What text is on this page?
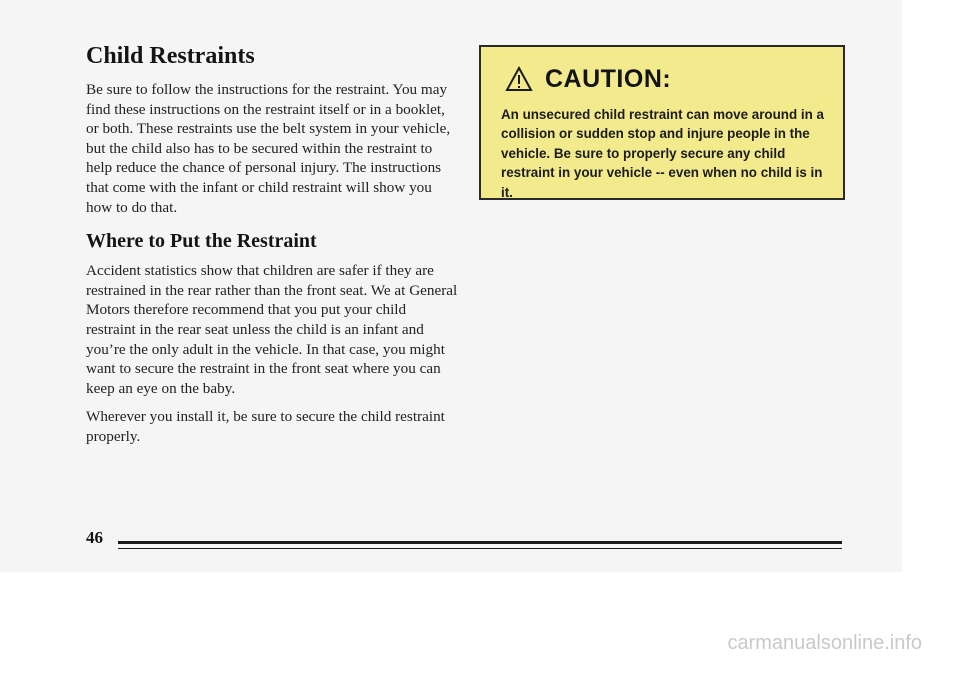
Child Restraints

Be sure to follow the instructions for the restraint. You may find these instructions on the restraint itself or in a booklet, or both. These restraints use the belt system in your vehicle, but the child also has to be secured within the restraint to help reduce the chance of personal injury. The instructions that come with the infant or child restraint will show you how to do that.

Where to Put the Restraint

Accident statistics show that children are safer if they are restrained in the rear rather than the front seat. We at General Motors therefore recommend that you put your child restraint in the rear seat unless the child is an infant and you’re the only adult in the vehicle. In that case, you might want to secure the restraint in the front seat where you can keep an eye on the baby.

Wherever you install it, be sure to secure the child restraint properly.

CAUTION:

An unsecured child restraint can move around in a collision or sudden stop and injure people in the vehicle. Be sure to properly secure any child restraint in your vehicle -- even when no child is in it.

46
carmanualsonline.info
